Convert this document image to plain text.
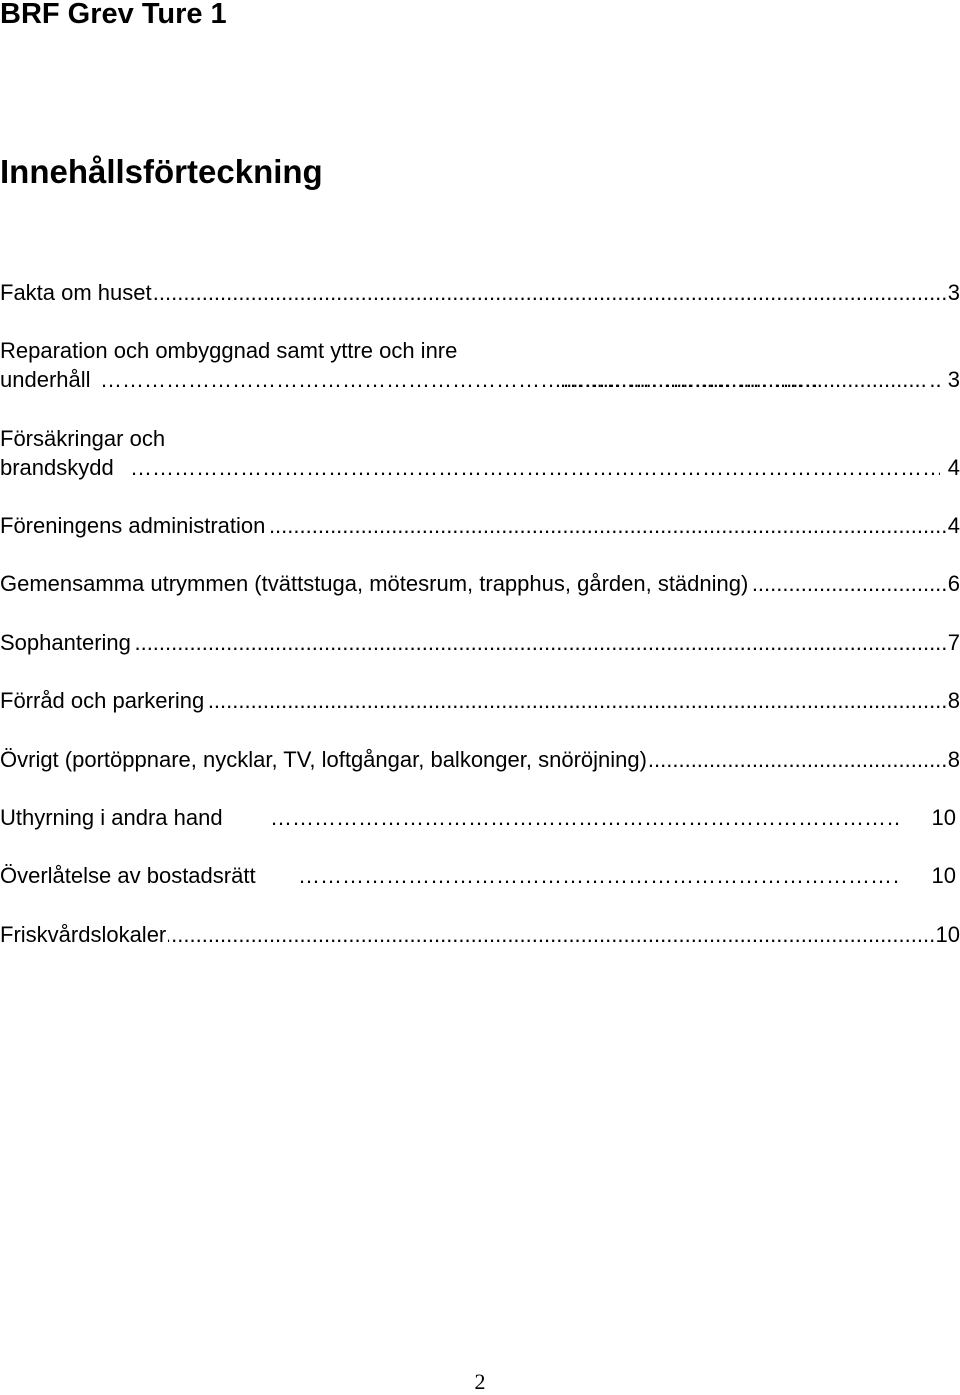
BRF Grev Ture 1
Innehållsförteckning
.....
Fakta om huset	3
Reparation och ombyggnad samt yttre och inre
…………………………………………………………………………………………………………………………………………………………
.....
underhåll	.. 3
Försäkringar och
…………………………………………………………………………………………………………………………………………………………
brandskydd	4
.....
Föreningens administration	4
.....
Gemensamma utrymmen (tvättstuga, mötesrum, trapphus, gården, städning)	6
.....
Sophantering	7
.....
Förråd och parkering	8
.....
Övrigt (portöppnare, nycklar, TV, loftgångar, balkonger, snöröjning)	8
…………………………………………………………………………………………………………………………………………………………
Uthyrning i andra hand	10
…………………………………………………………………………………………………………………………………………………………
Överlåtelse av bostadsrätt	10
.....
Friskvårdslokaler	10
2
